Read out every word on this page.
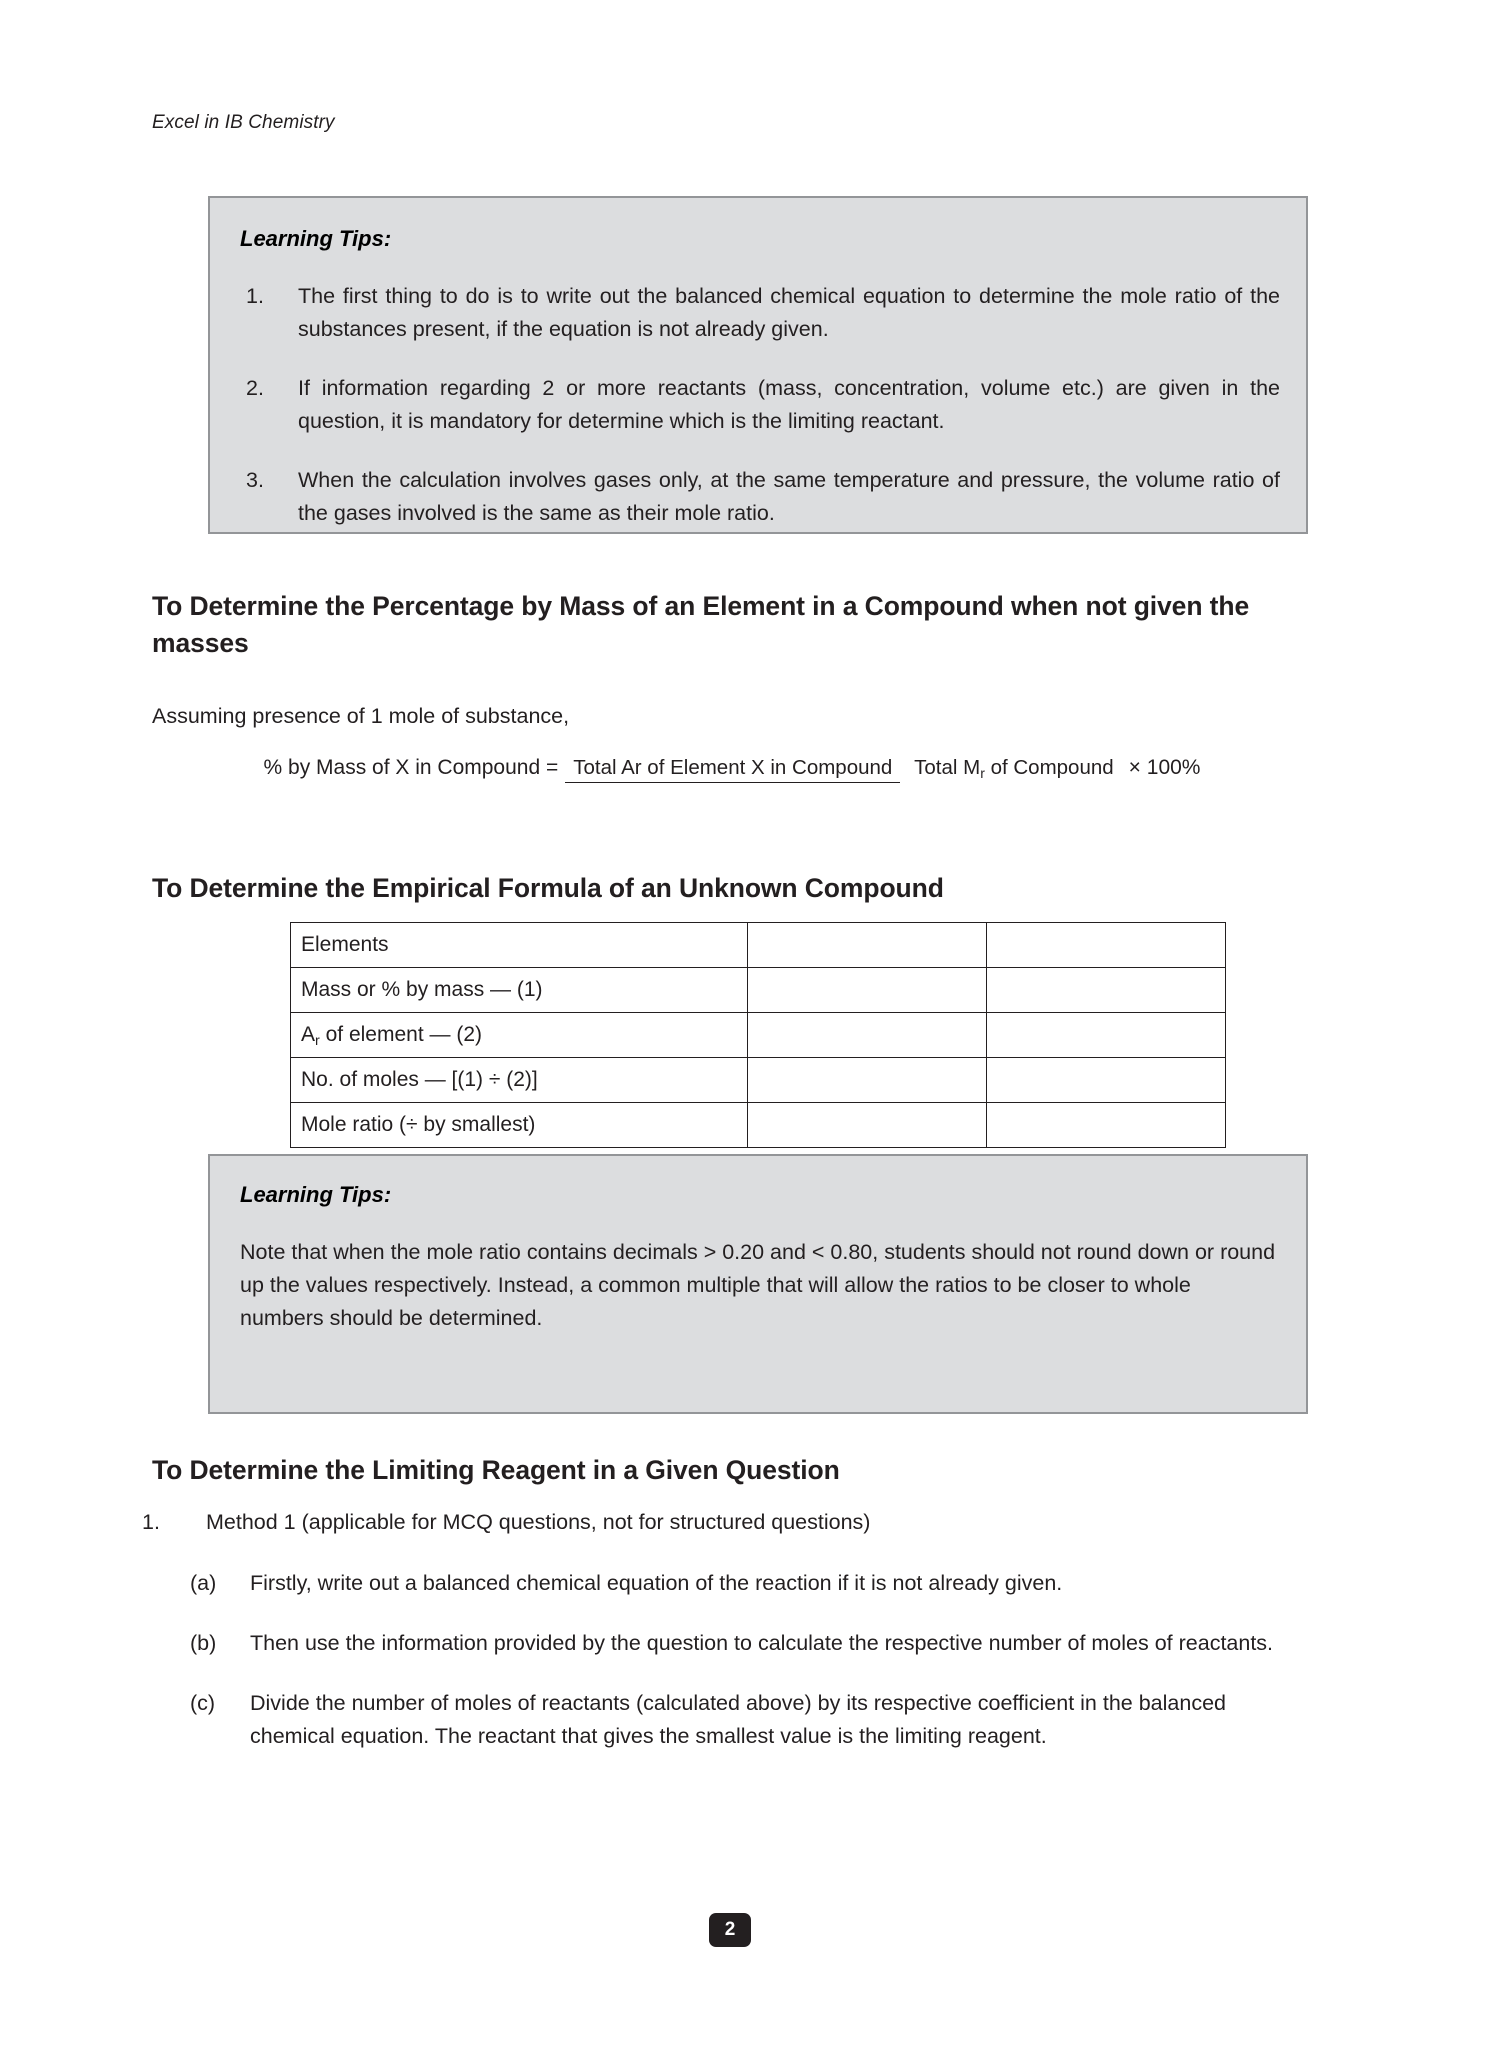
Excel in IB Chemistry
Learning Tips:
1.	The first thing to do is to write out the balanced chemical equation to determine the mole ratio of the substances present, if the equation is not already given.
2.	If information regarding 2 or more reactants (mass, concentration, volume etc.) are given in the question, it is mandatory for determine which is the limiting reactant.
3.	When the calculation involves gases only, at the same temperature and pressure, the volume ratio of the gases involved is the same as their mole ratio.
To Determine the Percentage by Mass of an Element in a Compound when not given the masses
Assuming presence of 1 mole of substance,
% by Mass of X in Compound = Total Ar of Element X in Compound Total $M_r$ of Compound × 100%
To Determine the Empirical Formula of an Unknown Compound
Elements		
Mass or % by mass — (1)		
$A_r$ of element — (2)		
No. of moles — [(1) ÷ (2)]		
Mole ratio (÷ by smallest)		
Learning Tips:
Note that when the mole ratio contains decimals > 0.20 and < 0.80, students should not round down or round up the values respectively. Instead, a common multiple that will allow the ratios to be closer to whole numbers should be determined.
To Determine the Limiting Reagent in a Given Question
1.	Method 1 (applicable for MCQ questions, not for structured questions)
(a)	Firstly, write out a balanced chemical equation of the reaction if it is not already given.
(b)	Then use the information provided by the question to calculate the respective number of moles of reactants.
(c)	Divide the number of moles of reactants (calculated above) by its respective coefficient in the balanced chemical equation. The reactant that gives the smallest value is the limiting reagent.
2
